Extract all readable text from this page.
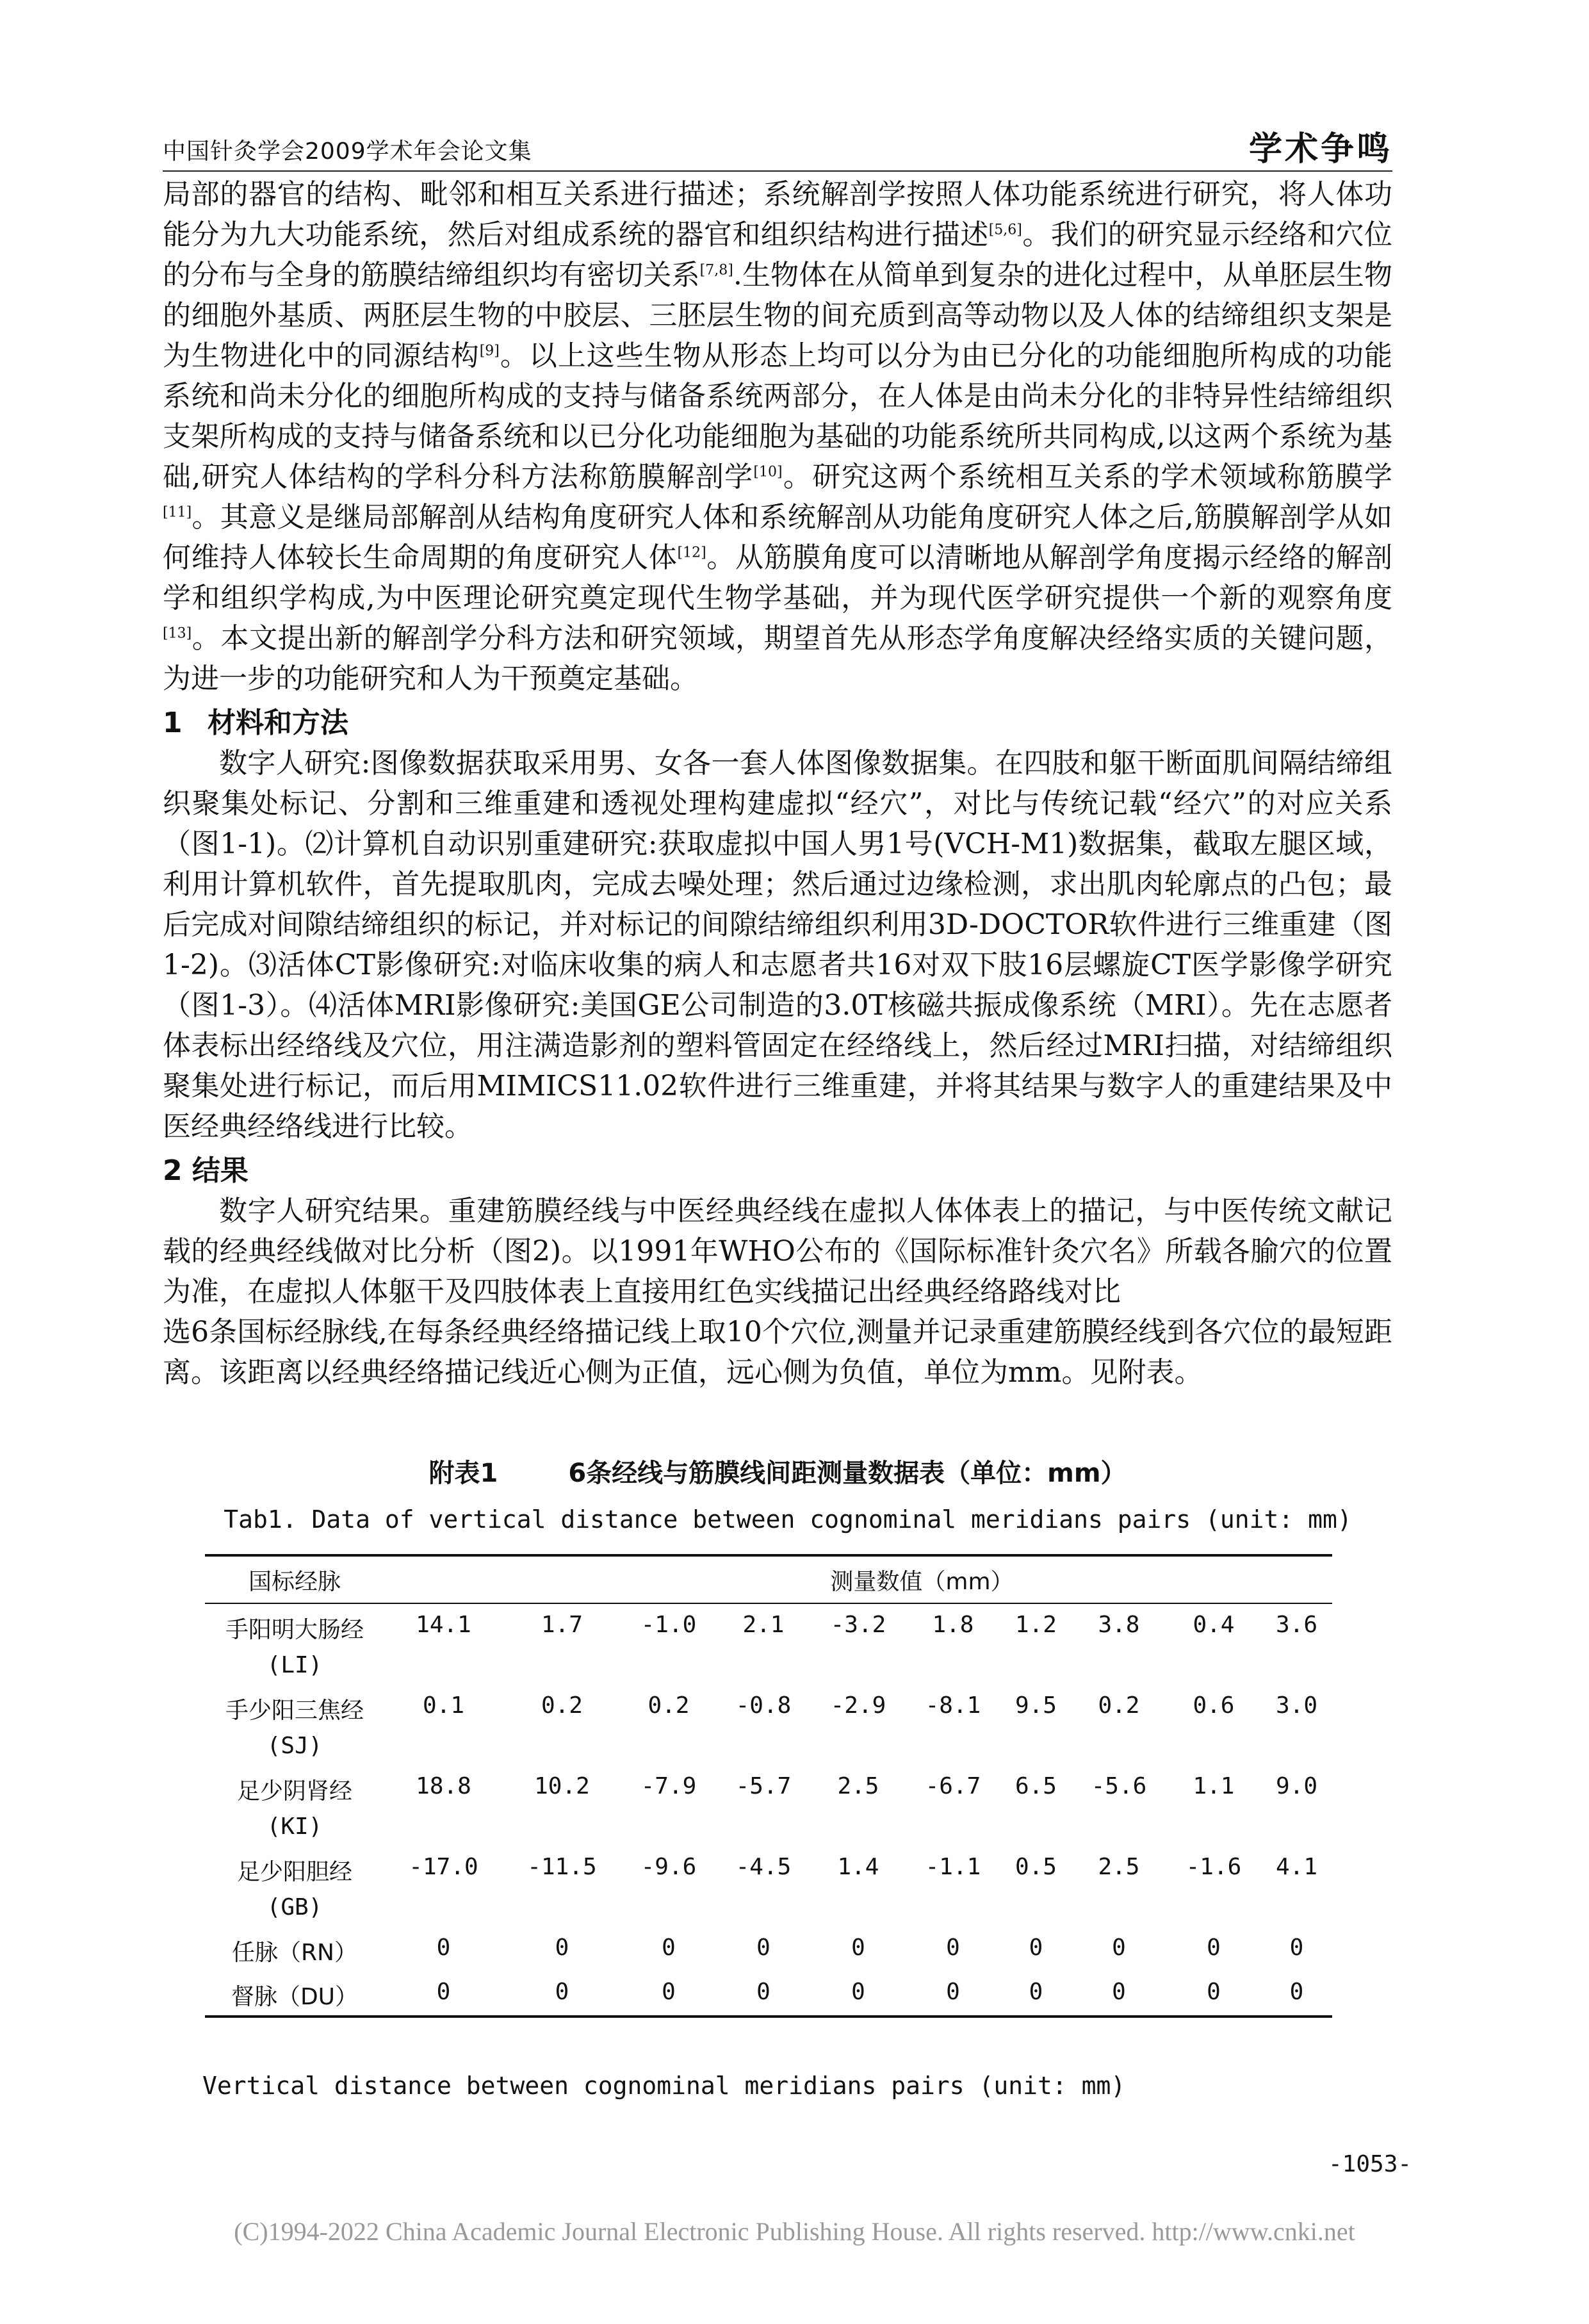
中国针灸学会2009学术年会论文集	学术争鸣

局部的器官的结构、毗邻和相互关系进行描述；系统解剖学按照人体功能系统进行研究，将人体功能分为九大功能系统，然后对组成系统的器官和组织结构进行描述[5,6]。我们的研究显示经络和穴位的分布与全身的筋膜结缔组织均有密切关系[7,8].生物体在从简单到复杂的进化过程中，从单胚层生物的细胞外基质、两胚层生物的中胶层、三胚层生物的间充质到高等动物以及人体的结缔组织支架是为生物进化中的同源结构[9]。以上这些生物从形态上均可以分为由已分化的功能细胞所构成的功能系统和尚未分化的细胞所构成的支持与储备系统两部分，在人体是由尚未分化的非特异性结缔组织支架所构成的支持与储备系统和以已分化功能细胞为基础的功能系统所共同构成,以这两个系统为基础,研究人体结构的学科分科方法称筋膜解剖学[10]。研究这两个系统相互关系的学术领域称筋膜学[11]。其意义是继局部解剖从结构角度研究人体和系统解剖从功能角度研究人体之后,筋膜解剖学从如何维持人体较长生命周期的角度研究人体[12]。从筋膜角度可以清晰地从解剖学角度揭示经络的解剖学和组织学构成,为中医理论研究奠定现代生物学基础，并为现代医学研究提供一个新的观察角度[13]。本文提出新的解剖学分科方法和研究领域，期望首先从形态学角度解决经络实质的关键问题，为进一步的功能研究和人为干预奠定基础。

1 材料和方法

数字人研究:图像数据获取采用男、女各一套人体图像数据集。在四肢和躯干断面肌间隔结缔组织聚集处标记、分割和三维重建和透视处理构建虚拟“经穴”，对比与传统记载“经穴”的对应关系（图1-1)。⑵计算机自动识别重建研究:获取虚拟中国人男1号(VCH-M1)数据集，截取左腿区域，利用计算机软件，首先提取肌肉，完成去噪处理；然后通过边缘检测，求出肌肉轮廓点的凸包；最后完成对间隙结缔组织的标记，并对标记的间隙结缔组织利用3D-DOCTOR软件进行三维重建（图1-2)。⑶活体CT影像研究:对临床收集的病人和志愿者共16对双下肢16层螺旋CT医学影像学研究（图1-3）。⑷活体MRI影像研究:美国GE公司制造的3.0T核磁共振成像系统（MRI）。先在志愿者体表标出经络线及穴位，用注满造影剂的塑料管固定在经络线上，然后经过MRI扫描，对结缔组织聚集处进行标记，而后用MIMICS11.02软件进行三维重建，并将其结果与数字人的重建结果及中医经典经络线进行比较。

2 结果

数字人研究结果。重建筋膜经线与中医经典经线在虚拟人体体表上的描记，与中医传统文献记载的经典经线做对比分析（图2)。以1991年WHO公布的《国际标准针灸穴名》所载各腧穴的位置为准，在虚拟人体躯干及四肢体表上直接用红色实线描记出经典经络路线对比

选6条国标经脉线,在每条经典经络描记线上取10个穴位,测量并记录重建筋膜经线到各穴位的最短距离。该距离以经典经络描记线近心侧为正值，远心侧为负值，单位为mm。见附表。

附表1	6条经线与筋膜线间距测量数据表（单位：mm）
Tab1. Data of vertical distance between cognominal meridians pairs (unit: mm)
国标经脉	测量数值（mm）									
手阳明大肠经
(LI)	14.1	1.7	-1.0	2.1	-3.2	1.8	1.2	3.8	0.4	3.6
手少阳三焦经
(SJ)	0.1	0.2	0.2	-0.8	-2.9	-8.1	9.5	0.2	0.6	3.0
足少阴肾经
(KI)	18.8	10.2	-7.9	-5.7	2.5	-6.7	6.5	-5.6	1.1	9.0
足少阳胆经
(GB)	-17.0	-11.5	-9.6	-4.5	1.4	-1.1	0.5	2.5	-1.6	4.1
任脉（RN）	0	0	0	0	0	0	0	0	0	0
督脉（DU）	0	0	0	0	0	0	0	0	0	0
Vertical distance between cognominal meridians pairs (unit: mm)
-1053-
(C)1994-2022 China Academic Journal Electronic Publishing House. All rights reserved. http://www.cnki.net
